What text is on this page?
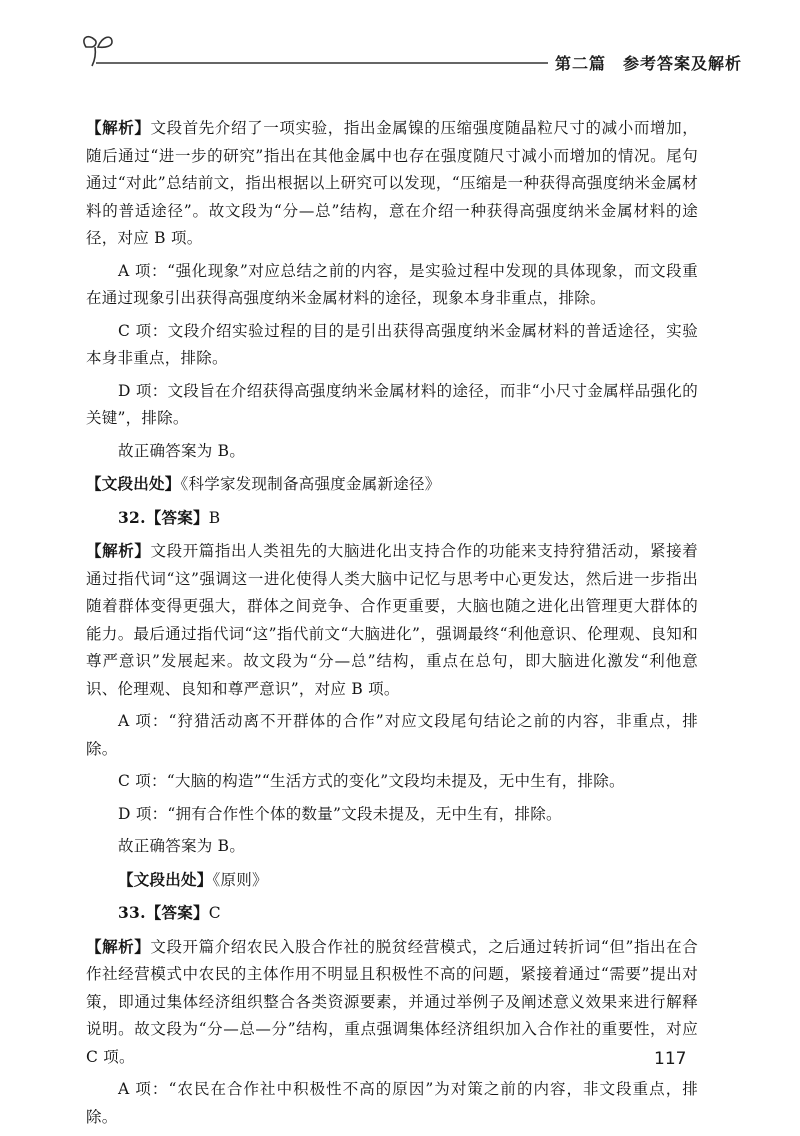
第二篇　参考答案及解析
【解析】文段首先介绍了一项实验，指出金属镍的压缩强度随晶粒尺寸的减小而增加，随后通过“进一步的研究”指出在其他金属中也存在强度随尺寸减小而增加的情况。尾句通过“对此”总结前文，指出根据以上研究可以发现，“压缩是一种获得高强度纳米金属材料的普适途径”。故文段为“分—总”结构，意在介绍一种获得高强度纳米金属材料的途径，对应 B 项。
A 项：“强化现象”对应总结之前的内容，是实验过程中发现的具体现象，而文段重在通过现象引出获得高强度纳米金属材料的途径，现象本身非重点，排除。
C 项：文段介绍实验过程的目的是引出获得高强度纳米金属材料的普适途径，实验本身非重点，排除。
D 项：文段旨在介绍获得高强度纳米金属材料的途径，而非“小尺寸金属样品强化的关键”，排除。
故正确答案为 B。
【文段出处】《科学家发现制备高强度金属新途径》
32.【答案】B
【解析】文段开篇指出人类祖先的大脑进化出支持合作的功能来支持狩猎活动，紧接着通过指代词“这”强调这一进化使得人类大脑中记忆与思考中心更发达，然后进一步指出随着群体变得更强大，群体之间竞争、合作更重要，大脑也随之进化出管理更大群体的能力。最后通过指代词“这”指代前文“大脑进化”，强调最终“利他意识、伦理观、良知和尊严意识”发展起来。故文段为“分—总”结构，重点在总句，即大脑进化激发“利他意识、伦理观、良知和尊严意识”，对应 B 项。
A 项：“狩猎活动离不开群体的合作”对应文段尾句结论之前的内容，非重点，排除。
C 项：“大脑的构造”“生活方式的变化”文段均未提及，无中生有，排除。
D 项：“拥有合作性个体的数量”文段未提及，无中生有，排除。
故正确答案为 B。
【文段出处】《原则》
33.【答案】C
【解析】文段开篇介绍农民入股合作社的脱贫经营模式，之后通过转折词“但”指出在合作社经营模式中农民的主体作用不明显且积极性不高的问题，紧接着通过“需要”提出对策，即通过集体经济组织整合各类资源要素，并通过举例子及阐述意义效果来进行解释说明。故文段为“分—总—分”结构，重点强调集体经济组织加入合作社的重要性，对应 C 项。
A 项：“农民在合作社中积极性不高的原因”为对策之前的内容，非文段重点，排除。
117
